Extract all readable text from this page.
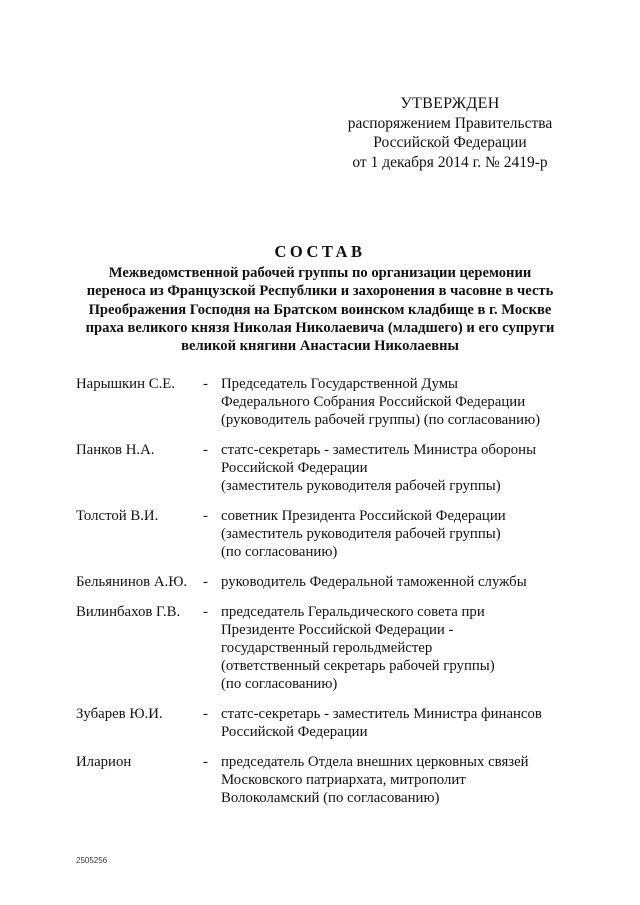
УТВЕРЖДЕН
распоряжением Правительства
Российской Федерации
от 1 декабря 2014 г. № 2419-р
СОСТАВ
Межведомственной рабочей группы по организации церемонии
переноса из Французской Республики и захоронения в часовне в честь
Преображения Господня на Братском воинском кладбище в г. Москве
праха великого князя Николая Николаевича (младшего) и его супруги
великой княгини Анастасии Николаевны
Нарышкин С.Е. - Председатель Государственной Думы
Федерального Собрания Российской Федерации
(руководитель рабочей группы) (по согласованию)
Панков Н.А.	- статс-секретарь - заместитель Министра обороны
Российской Федерации
(заместитель руководителя рабочей группы)
Толстой В.И.	- советник Президента Российской Федерации
(заместитель руководителя рабочей группы)
(по согласованию)
Бельянинов А.Ю. - руководитель Федеральной таможенной службы
Вилинбахов Г.В. - председатель Геральдического совета при
Президенте Российской Федерации -
государственный герольдмейстер
(ответственный секретарь рабочей группы)
(по согласованию)
Зубарев Ю.И.	- статс-секретарь - заместитель Министра финансов
Российской Федерации
Иларион	- председатель Отдела внешних церковных связей
Московского патриархата, митрополит
Волоколамский (по согласованию)
2505256
